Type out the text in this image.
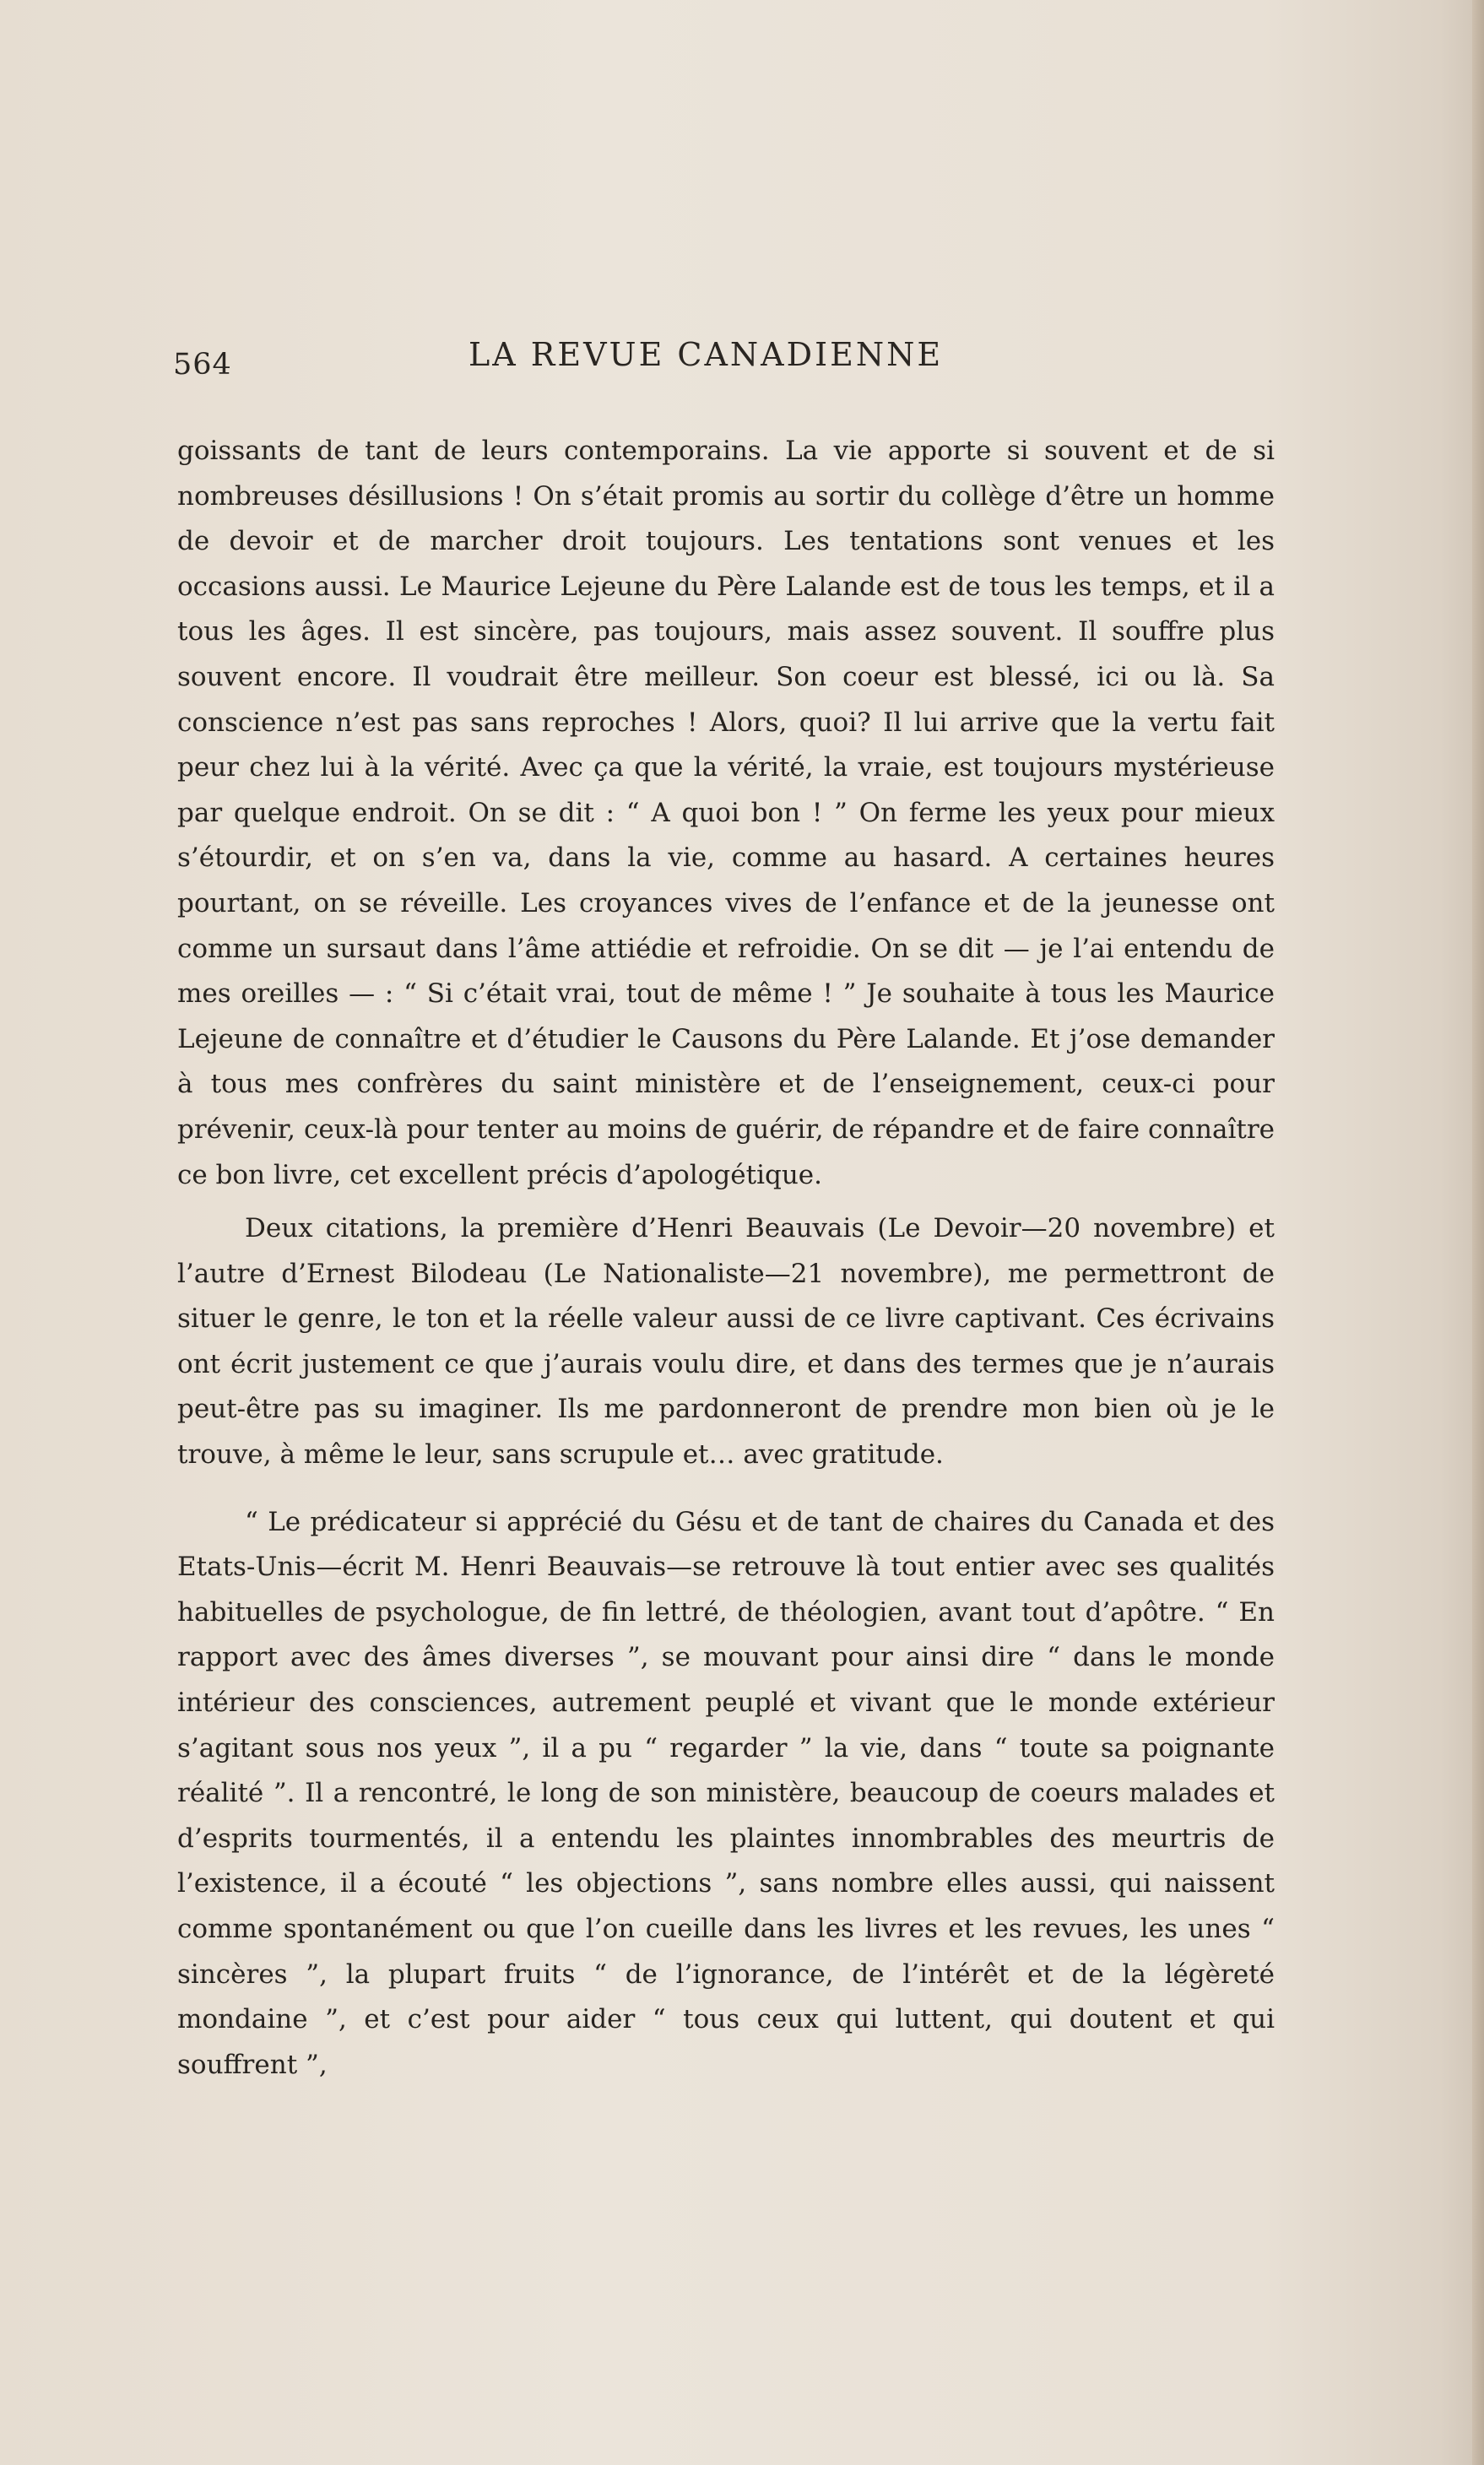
564	LA REVUE CANADIENNE

goissants de tant de leurs contemporains. La vie apporte si souvent et de si nombreuses désillusions ! On s’était promis au sortir du collège d’être un homme de devoir et de marcher droit toujours. Les tentations sont venues et les occasions aussi. Le Maurice Lejeune du Père Lalande est de tous les temps, et il a tous les âges. Il est sincère, pas toujours, mais assez souvent. Il souffre plus souvent encore. Il voudrait être meilleur. Son coeur est blessé, ici ou là. Sa conscience n’est pas sans reproches ! Alors, quoi? Il lui arrive que la vertu fait peur chez lui à la vérité. Avec ça que la vérité, la vraie, est toujours mystérieuse par quelque endroit. On se dit : “ A quoi bon ! ” On ferme les yeux pour mieux s’étourdir, et on s’en va, dans la vie, comme au hasard. A certaines heures pourtant, on se réveille. Les croyances vives de l’enfance et de la jeunesse ont comme un sursaut dans l’âme attiédie et refroidie. On se dit — je l’ai entendu de mes oreilles — : “ Si c’était vrai, tout de même ! ” Je souhaite à tous les Maurice Lejeune de connaître et d’étudier le Causons du Père Lalande. Et j’ose demander à tous mes confrères du saint ministère et de l’enseignement, ceux-ci pour prévenir, ceux-là pour tenter au moins de guérir, de répandre et de faire connaître ce bon livre, cet excellent précis d’apologétique.

Deux citations, la première d’Henri Beauvais (Le Devoir—20 novembre) et l’autre d’Ernest Bilodeau (Le Nationaliste—21 novembre), me permettront de situer le genre, le ton et la réelle valeur aussi de ce livre captivant. Ces écrivains ont écrit justement ce que j’aurais voulu dire, et dans des termes que je n’aurais peut-être pas su imaginer. Ils me pardonneront de prendre mon bien où je le trouve, à même le leur, sans scrupule et… avec gratitude.

“ Le prédicateur si apprécié du Gésu et de tant de chaires du Canada et des Etats-Unis—écrit M. Henri Beauvais—se retrouve là tout entier avec ses qualités habituelles de psychologue, de fin lettré, de théologien, avant tout d’apôtre. “ En rapport avec des âmes diverses ”, se mouvant pour ainsi dire “ dans le monde intérieur des consciences, autrement peuplé et vivant que le monde extérieur s’agitant sous nos yeux ”, il a pu “ regarder ” la vie, dans “ toute sa poignante réalité ”. Il a rencontré, le long de son ministère, beaucoup de coeurs malades et d’esprits tourmentés, il a entendu les plaintes innombrables des meurtris de l’existence, il a écouté “ les objections ”, sans nombre elles aussi, qui naissent comme spontanément ou que l’on cueille dans les livres et les revues, les unes “ sincères ”, la plupart fruits “ de l’ignorance, de l’intérêt et de la légèreté mondaine ”, et c’est pour aider “ tous ceux qui luttent, qui doutent et qui souffrent ”,
